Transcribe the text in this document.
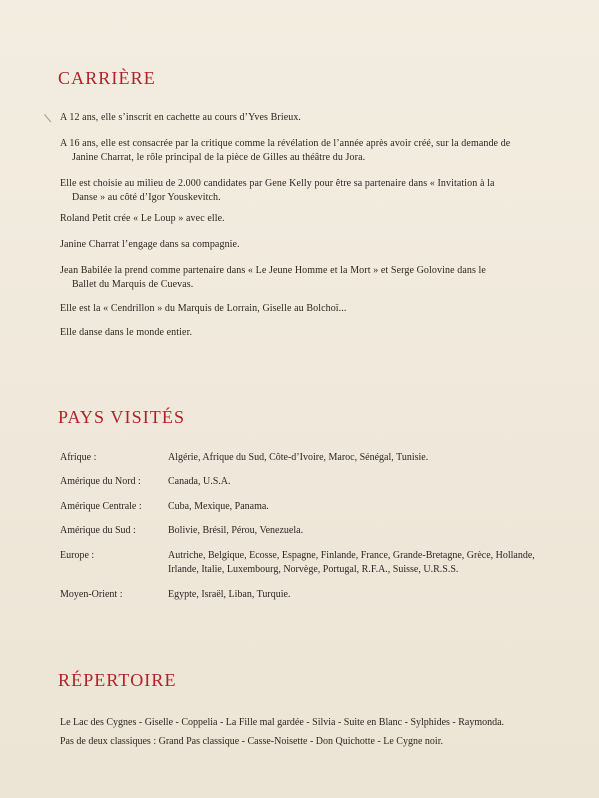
CARRIÈRE

A 12 ans, elle s’inscrit en cachette au cours d’Yves Brieux.

A 16 ans, elle est consacrée par la critique comme la révélation de l’année après avoir créé, sur la demande de
Janine Charrat, le rôle principal de la pièce de Gilles au théâtre du Jora.

Elle est choisie au milieu de 2.000 candidates par Gene Kelly pour être sa partenaire dans « Invitation à la
Danse » au côté d’Igor Youskevitch.

Roland Petit crée « Le Loup » avec elle.

Janine Charrat l’engage dans sa compagnie.

Jean Babilée la prend comme partenaire dans « Le Jeune Homme et la Mort » et Serge Golovine dans le
Ballet du Marquis de Cuevas.

Elle est la « Cendrillon » du Marquis de Lorrain, Giselle au Bolchoï...

Elle danse dans le monde entier.

PAYS VISITÉS
Afrique :	Algérie, Afrique du Sud, Côte-d’Ivoire, Maroc, Sénégal, Tunisie.
Amérique du Nord :	Canada, U.S.A.
Amérique Centrale :	Cuba, Mexique, Panama.
Amérique du Sud :	Bolivie, Brésil, Pérou, Venezuela.
Europe :	Autriche, Belgique, Ecosse, Espagne, Finlande, France, Grande-Bretagne, Grèce, Hollande,
Irlande, Italie, Luxembourg, Norvège, Portugal, R.F.A., Suisse, U.R.S.S.
Moyen-Orient :	Egypte, Israël, Liban, Turquie.
RÉPERTOIRE
Le Lac des Cygnes - Giselle - Coppelia - La Fille mal gardée - Silvia - Suite en Blanc - Sylphides - Raymonda.
Pas de deux classiques : Grand Pas classique - Casse-Noisette - Don Quichotte - Le Cygne noir.
